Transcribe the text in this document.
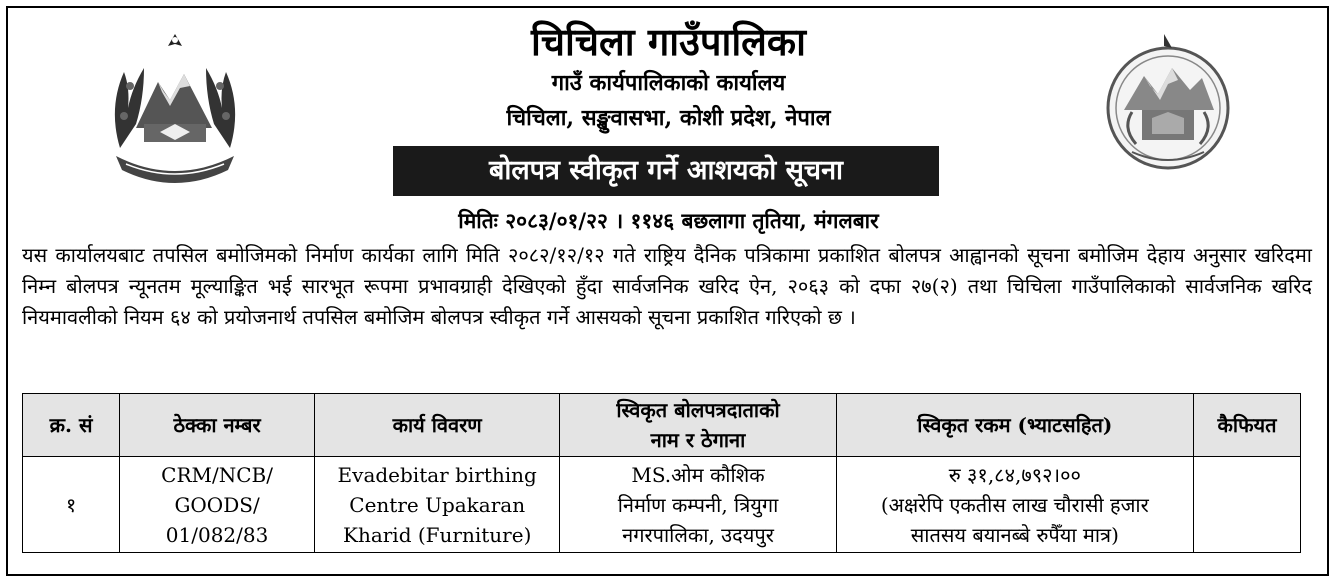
चिचिला गाउँपालिका
गाउँ कार्यपालिकाको कार्यालय
चिचिला, सङ्खुवासभा, कोशी प्रदेश, नेपाल
बोलपत्र स्वीकृत गर्ने आशयको सूचना
मितिः २०८३/०१/२२ । ११४६ बछलागा तृतिया, मंगलबार
यस कार्यालयबाट तपसिल बमोजिमको निर्माण कार्यका लागि मिति २०८२/१२/१२ गते राष्ट्रिय दैनिक पत्रिकामा प्रकाशित बोलपत्र आह्वानको सूचना बमोजिम देहाय अनुसार खरिदमा निम्न बोलपत्र न्यूनतम मूल्याङ्कित भई सारभूत रूपमा प्रभावग्राही देखिएको हुँदा सार्वजनिक खरिद ऐन, २०६३ को दफा २७(२) तथा चिचिला गाउँपालिकाको सार्वजनिक खरिद नियमावलीको नियम ६४ को प्रयोजनार्थ तपसिल बमोजिम बोलपत्र स्वीकृत गर्ने आसयको सूचना प्रकाशित गरिएको छ ।
क्र. सं	ठेक्का नम्बर	कार्य विवरण	स्विकृत बोलपत्रदाताको
नाम र ठेगाना	स्विकृत रकम (भ्याटसहित)	कैफियत
१	CRM/NCB/
GOODS/
01/082/83	Evadebitar birthing
Centre Upakaran
Kharid (Furniture)	MS.ओम कौशिक
निर्माण कम्पनी, त्रियुगा
नगरपालिका, उदयपुर	रु ३१,८४,७९२।००
(अक्षरेपि एकतीस लाख चौरासी हजार
सातसय बयानब्बे रुपैँया मात्र)	
